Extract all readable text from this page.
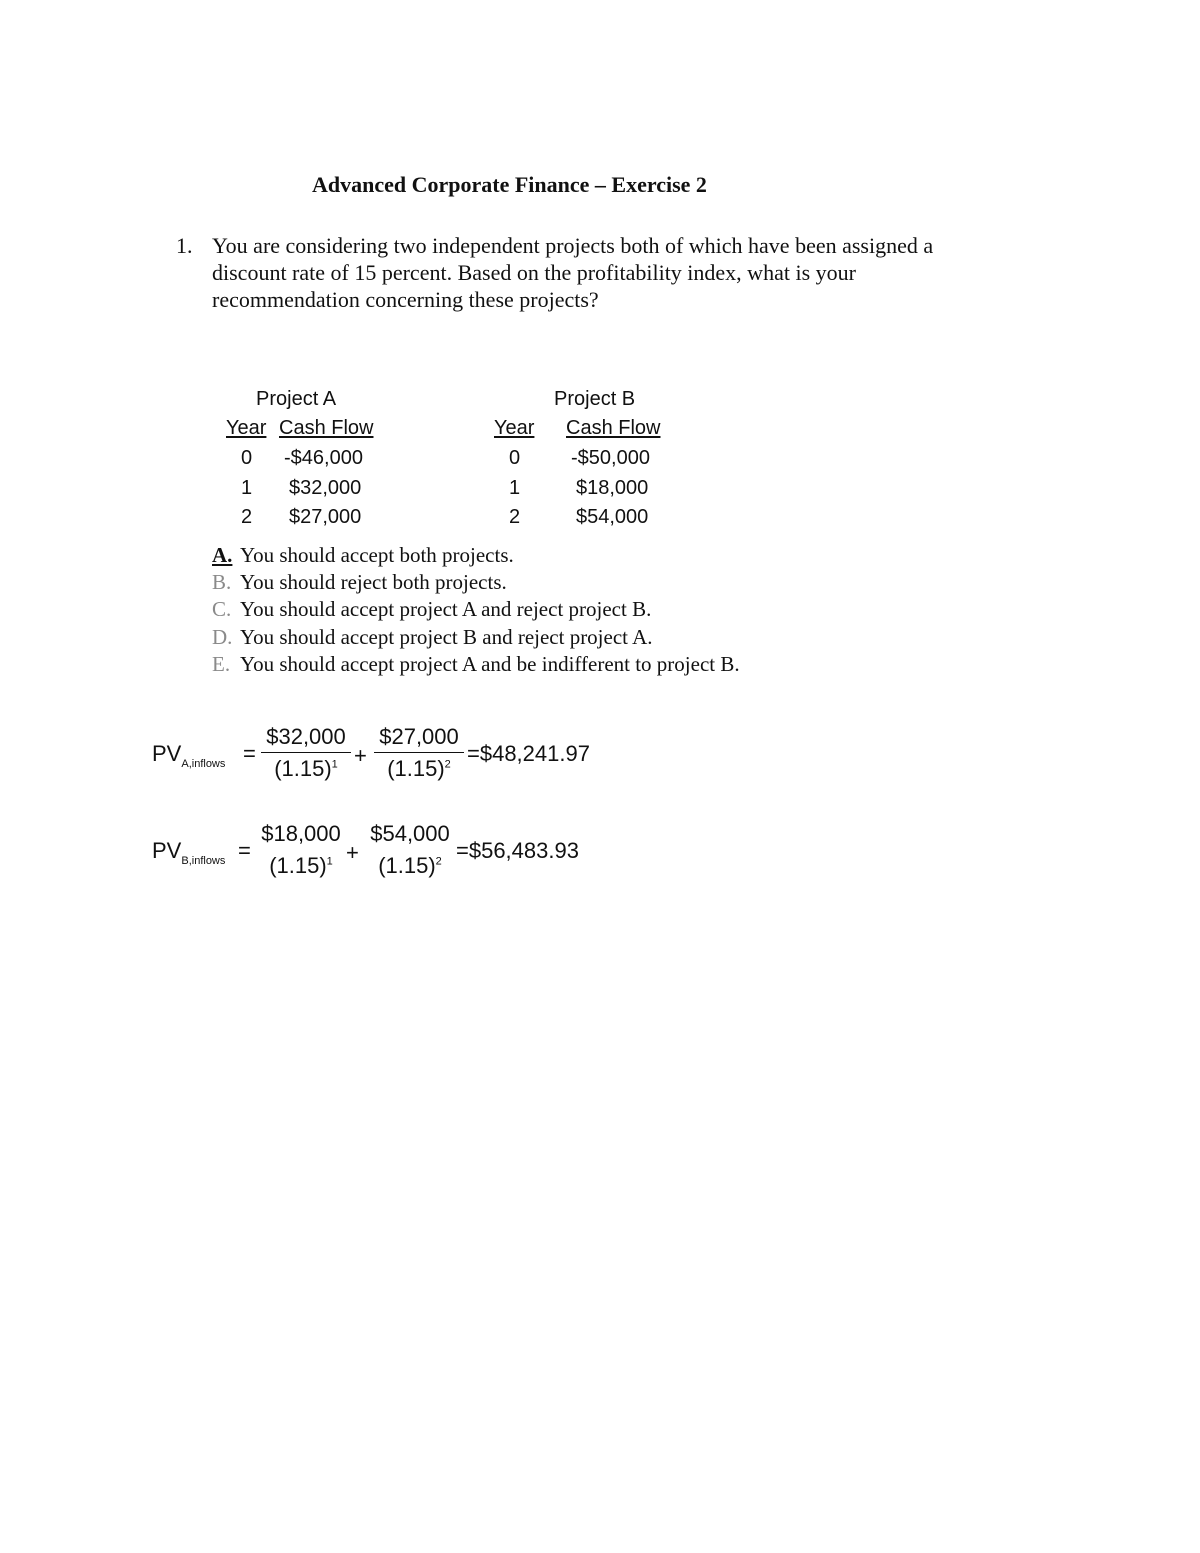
Advanced Corporate Finance – Exercise 2
1. You are considering two independent projects both of which have been assigned a discount rate of 15 percent. Based on the profitability index, what is your recommendation concerning these projects?
Project A
Year Cash Flow
0 -$46,000
1 $32,000
2 $27,000
Project B
Year Cash Flow
0	-$50,000
1	$18,000
2	$54,000
A. You should accept both projects.
B. You should reject both projects.
C. You should accept project A and reject project B.
D. You should accept project B and reject project A.
E. You should accept project A and be indifferent to project B.
$PV_{A,inflows}$ =
$32,000
$(1.15)^1$ +
$27,000
$(1.15)^2$ =$48,241.97
$PV_{B,inflows}$ =
$18,000
$(1.15)^1$ +
$54,000
$(1.15)^2$ =$56,483.93
